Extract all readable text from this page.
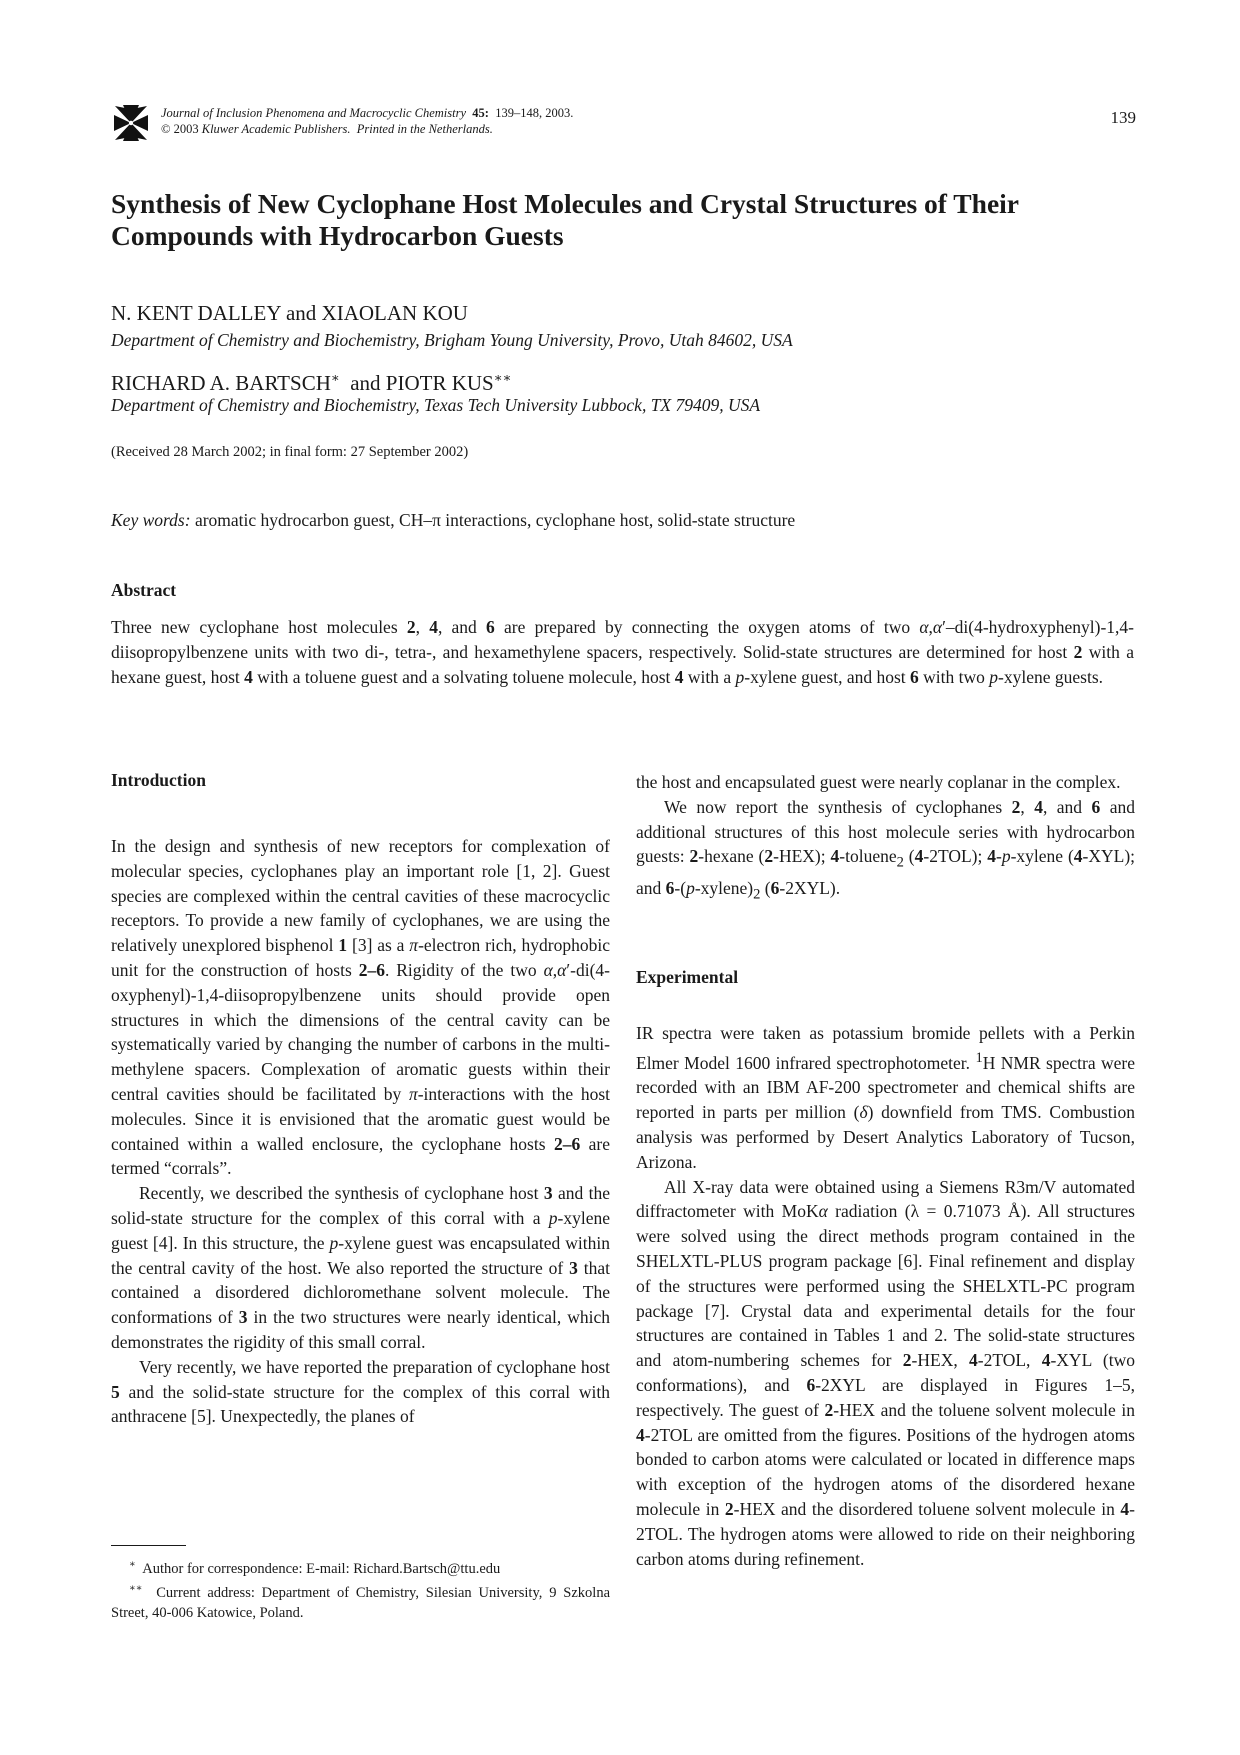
Journal of Inclusion Phenomena and Macrocyclic Chemistry 45: 139–148, 2003.
© 2003 Kluwer Academic Publishers. Printed in the Netherlands.
139
Synthesis of New Cyclophane Host Molecules and Crystal Structures of Their
Compounds with Hydrocarbon Guests
N. KENT DALLEY and XIAOLAN KOU
Department of Chemistry and Biochemistry, Brigham Young University, Provo, Utah 84602, USA
RICHARD A. BARTSCH∗ and PIOTR KUS∗∗
Department of Chemistry and Biochemistry, Texas Tech University Lubbock, TX 79409, USA
(Received 28 March 2002; in final form: 27 September 2002)
Key words: aromatic hydrocarbon guest, CH–π interactions, cyclophane host, solid-state structure
Abstract

Three new cyclophane host molecules 2, 4, and 6 are prepared by connecting the oxygen atoms of two α,α′–di(4-hydroxyphenyl)-1,4-diisopropylbenzene units with two di-, tetra-, and hexamethylene spacers, respectively. Solid-state structures are determined for host 2 with a hexane guest, host 4 with a toluene guest and a solvating toluene molecule, host 4 with a p-xylene guest, and host 6 with two p-xylene guests.

Introduction

In the design and synthesis of new receptors for complexation of molecular species, cyclophanes play an important role [1, 2]. Guest species are complexed within the central cavities of these macrocyclic receptors. To provide a new family of cyclophanes, we are using the relatively unexplored bisphenol 1 [3] as a π-electron rich, hydrophobic unit for the construction of hosts 2–6. Rigidity of the two α,α′-di(4-oxyphenyl)-1,4-diisopropylbenzene units should provide open structures in which the dimensions of the central cavity can be systematically varied by changing the number of carbons in the multi-methylene spacers. Complexation of aromatic guests within their central cavities should be facilitated by π-interactions with the host molecules. Since it is envisioned that the aromatic guest would be contained within a walled enclosure, the cyclophane hosts 2–6 are termed “corrals”.

Recently, we described the synthesis of cyclophane host 3 and the solid-state structure for the complex of this corral with a p-xylene guest [4]. In this structure, the p-xylene guest was encapsulated within the central cavity of the host. We also reported the structure of 3 that contained a disordered dichloromethane solvent molecule. The conformations of 3 in the two structures were nearly identical, which demonstrates the rigidity of this small corral.

Very recently, we have reported the preparation of cyclophane host 5 and the solid-state structure for the complex of this corral with anthracene [5]. Unexpectedly, the planes of

the host and encapsulated guest were nearly coplanar in the complex.

We now report the synthesis of cyclophanes 2, 4, and 6 and additional structures of this host molecule series with hydrocarbon guests: 2-hexane (2-HEX); 4-toluene$_2$ (4-2TOL); 4-p-xylene (4-XYL); and $6-(p-xylene)_2$ (6-2XYL).

Experimental

IR spectra were taken as potassium bromide pellets with a Perkin Elmer Model 1600 infrared spectrophotometer. $^1$H NMR spectra were recorded with an IBM AF-200 spectrometer and chemical shifts are reported in parts per million (δ) downfield from TMS. Combustion analysis was performed by Desert Analytics Laboratory of Tucson, Arizona.

All X-ray data were obtained using a Siemens R3m/V automated diffractometer with MoKα radiation (λ = 0.71073 Å). All structures were solved using the direct methods program contained in the SHELXTL-PLUS program package [6]. Final refinement and display of the structures were performed using the SHELXTL-PC program package [7]. Crystal data and experimental details for the four structures are contained in Tables 1 and 2. The solid-state structures and atom-numbering schemes for 2-HEX, 4-2TOL, 4-XYL (two conformations), and 6-2XYL are displayed in Figures 1–5, respectively. The guest of 2-HEX and the toluene solvent molecule in 4-2TOL are omitted from the figures. Positions of the hydrogen atoms bonded to carbon atoms were calculated or located in difference maps with exception of the hydrogen atoms of the disordered hexane molecule in 2-HEX and the disordered toluene solvent molecule in 4-2TOL. The hydrogen atoms were allowed to ride on their neighboring carbon atoms during refinement.

∗ Author for correspondence: E-mail: Richard.Bartsch@ttu.edu

∗∗ Current address: Department of Chemistry, Silesian University, 9 Szkolna Street, 40-006 Katowice, Poland.
